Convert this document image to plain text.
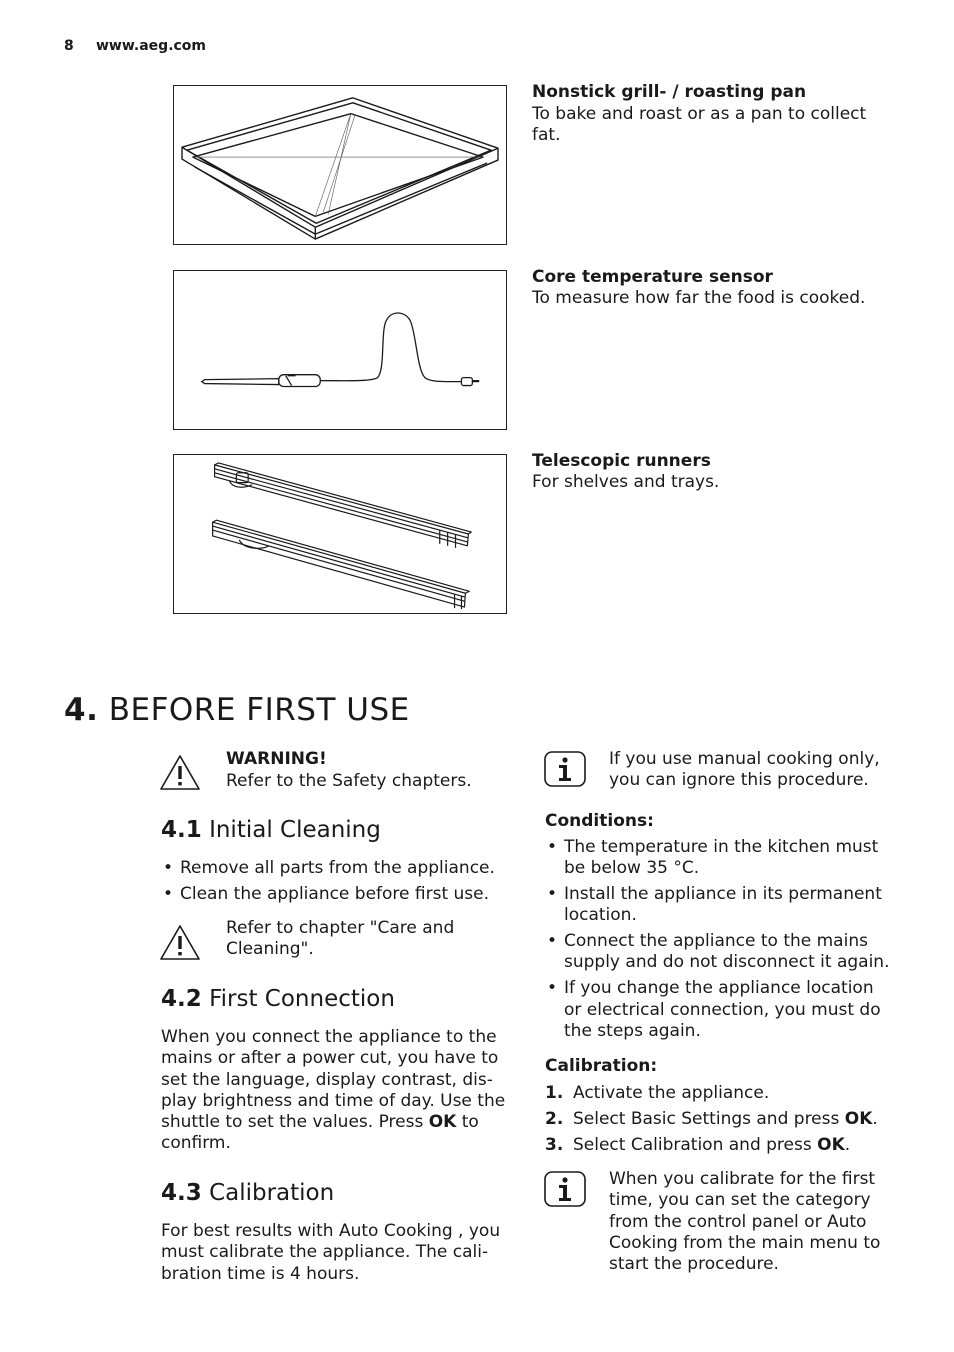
8 www.aeg.com
Nonstick grill- / roasting pan
To bake and roast or as a pan to collect fat.
Core temperature sensor
To measure how far the food is cooked.
Telescopic runners
For shelves and trays.
4. BEFORE FIRST USE
WARNING!
Refer to the Safety chapters.
4.1 Initial Cleaning
• Remove all parts from the appliance.
• Clean the appliance before first use.
Refer to chapter "Care and Cleaning".
4.2 First Connection
When you connect the appliance to the mains or after a power cut, you have to set the language, display contrast, dis-play brightness and time of day. Use the shuttle to set the values. Press OK to confirm.
4.3 Calibration
For best results with Auto Cooking , you must calibrate the appliance. The cali-bration time is 4 hours.
If you use manual cooking only, you can ignore this procedure.
Conditions:
• The temperature in the kitchen must be below 35 °C.
• Install the appliance in its permanent location.
• Connect the appliance to the mains supply and do not disconnect it again.
• If you change the appliance location or electrical connection, you must do the steps again.
Calibration:
1. Activate the appliance.
2. Select Basic Settings and press OK.
3. Select Calibration and press OK.
When you calibrate for the first time, you can set the category from the control panel or Auto Cooking from the main menu to start the procedure.
